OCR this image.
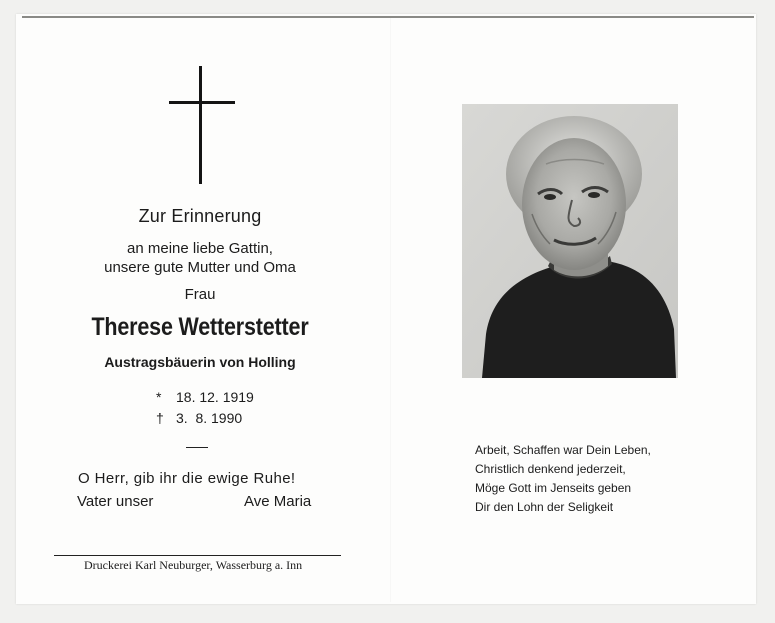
Zur Erinnerung
an meine liebe Gattin,
unsere gute Mutter und Oma
Frau
Therese Wetterstetter
Austragsbäuerin von Holling
* 18. 12. 1919
† 3.  8. 1990
O Herr, gib ihr die ewige Ruhe!
Vater unser	Ave Maria
Druckerei Karl Neuburger, Wasserburg a. Inn
Arbeit, Schaffen war Dein Leben,
Christlich denkend jederzeit,
Möge Gott im Jenseits geben
Dir den Lohn der Seligkeit
